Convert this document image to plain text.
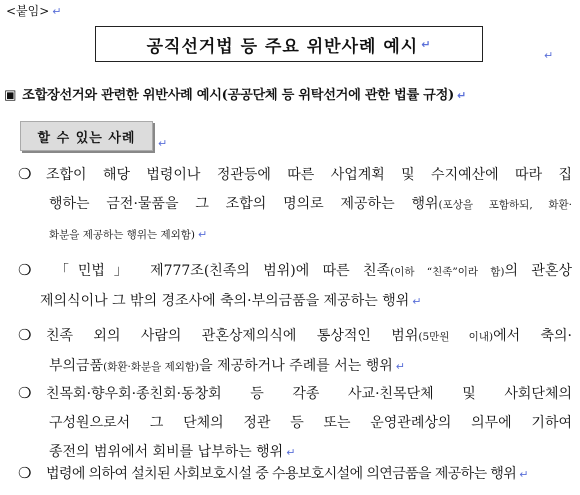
<붙임> ↵
공직선거법 등 주요 위반사례 예시 ↵
↵
▣ 조합장선거와 관련한 위반사례 예시(공공단체 등 위탁선거에 관한 법률 규정) ↵
할 수 있는 사례 ↵
❍ 조합이 해당 법령이나 정관등에 따른 사업계획 및 수지예산에 따라 집
행하는 금전·물품을 그 조합의 명의로 제공하는 행위(포상을 포함하되, 화환·
화분을 제공하는 행위는 제외함) ↵
❍ 「민법」 제777조(친족의 범위)에 따른 친족(이하 “친족”이라 함)의 관혼상
제의식이나 그 밖의 경조사에 축의·부의금품을 제공하는 행위 ↵
❍ 친족 외의 사람의 관혼상제의식에 통상적인 범위(5만원 이내)에서 축의·
부의금품(화환·화분을 제외함)을 제공하거나 주례를 서는 행위 ↵
❍ 친목회·향우회·종친회·동창회 등 각종 사교·친목단체 및 사회단체의
구성원으로서 그 단체의 정관 등 또는 운영관례상의 의무에 기하여
종전의 범위에서 회비를 납부하는 행위 ↵
❍ 법령에 의하여 설치된 사회보호시설 중 수용보호시설에 의연금품을 제공하는 행위 ↵
